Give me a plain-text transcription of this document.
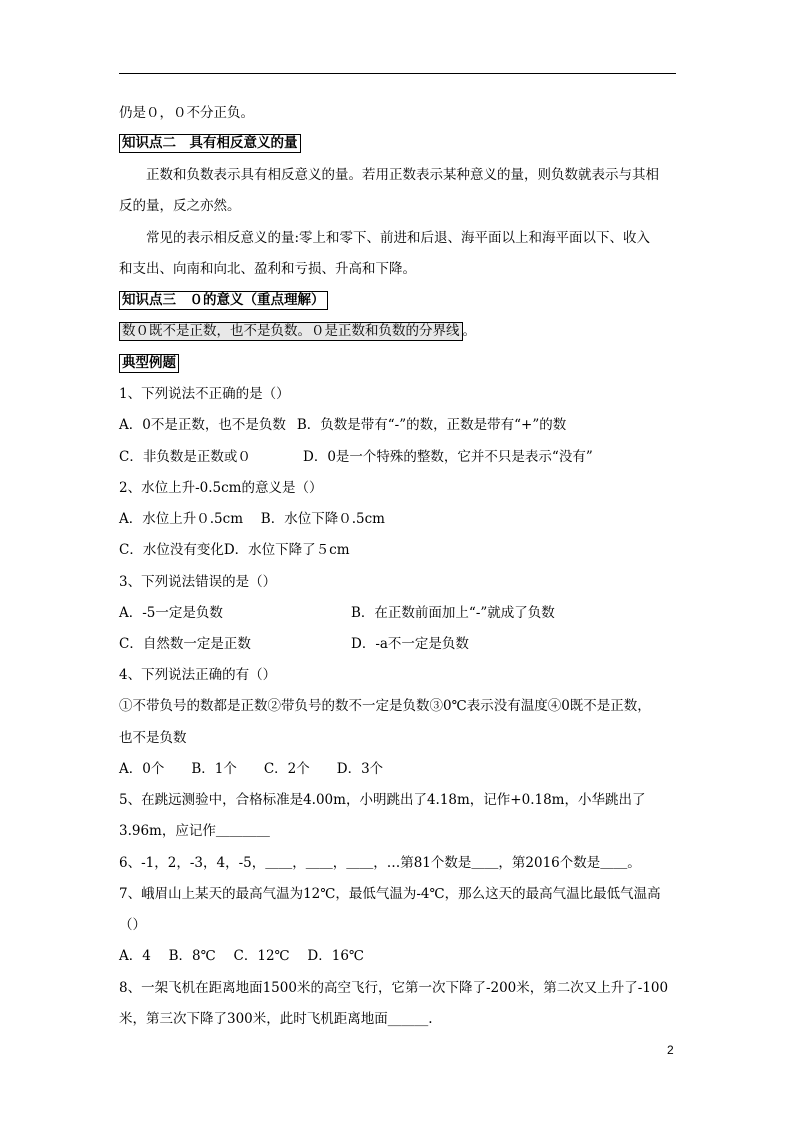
仍是０，０不分正负。
知识点二　具有相反意义的量
正数和负数表示具有相反意义的量。若用正数表示某种意义的量，则负数就表示与其相
反的量，反之亦然。
常见的表示相反意义的量:零上和零下、前进和后退、海平面以上和海平面以下、收入
和支出、向南和向北、盈利和亏损、升高和下降。
知识点三　０的意义（重点理解）
数０既不是正数，也不是负数。０是正数和负数的分界线 。
典型例题
1、下列说法不正确的是（）
A．0不是正数，也不是负数 B．负数是带有“-”的数，正数是带有“+”的数
C．非负数是正数或０	D．0是一个特殊的整数，它并不只是表示“没有”
2、水位上升-0.5cm的意义是（）
A．水位上升０.5cm　 B．水位下降０.5cm
C．水位没有变化D．水位下降了５cm
3、下列说法错误的是（）
A．-5一定是负数	B．在正数前面加上“-”就成了负数
C．自然数一定是正数	D．-a不一定是负数
4、下列说法正确的有（）
①不带负号的数都是正数②带负号的数不一定是负数③0℃表示没有温度④0既不是正数，
也不是负数
A．0个　　B．1个　　C．2个　　D．3个
5、在跳远测验中，合格标准是4.00m，小明跳出了4.18m，记作+0.18m，小华跳出了
3.96m，应记作＿＿＿＿
6、-1，2，-3，4，-5，＿＿，＿＿，＿＿，…第81个数是＿＿，第2016个数是＿＿。
7、峨眉山上某天的最高气温为12℃，最低气温为-4℃，那么这天的最高气温比最低气温高
（）
A．4　 B．8℃　 C．12℃　 D．16℃
8、一架飞机在距离地面1500米的高空飞行，它第一次下降了-200米，第二次又上升了-100
米，第三次下降了300米，此时飞机距离地面______.
2
